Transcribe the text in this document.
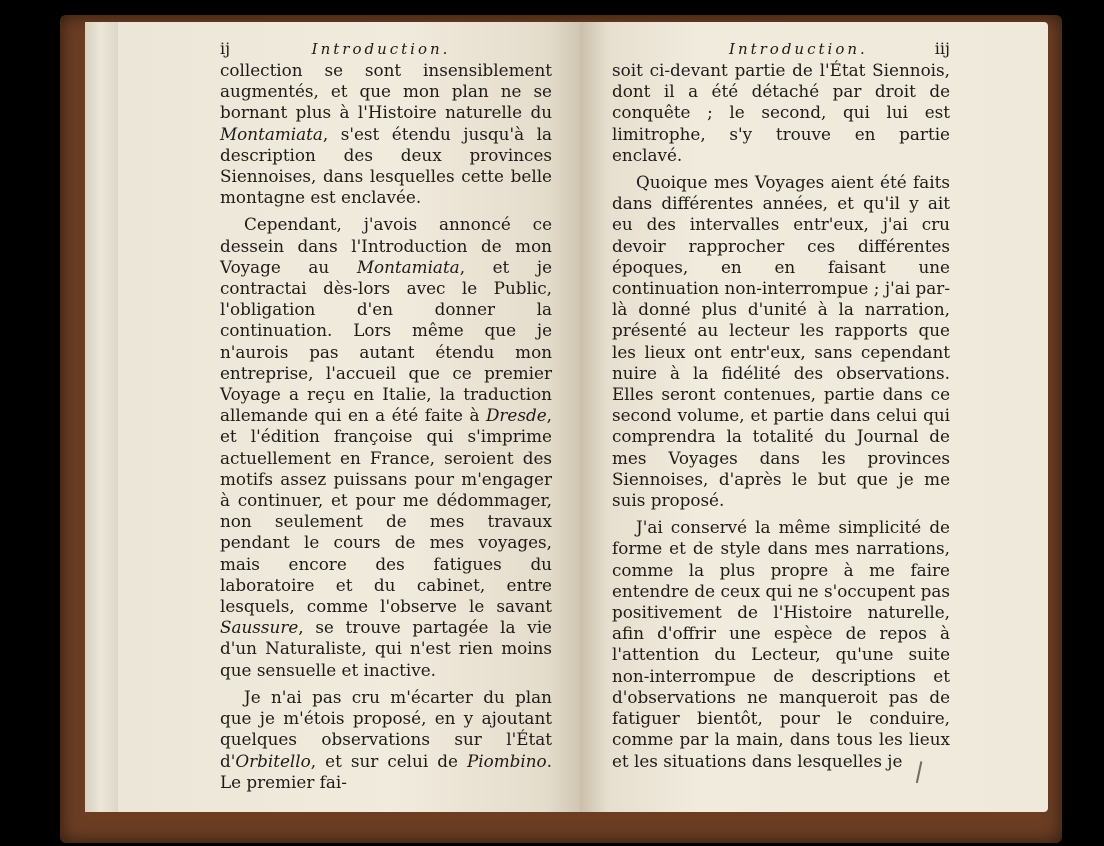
ij	Introduction.

collection se sont insensiblement augmentés, et que mon plan ne se bornant plus à l'Histoire naturelle du Montamiata, s'est étendu jusqu'à la description des deux provinces Siennoises, dans lesquelles cette belle montagne est enclavée.

Cependant, j'avois annoncé ce dessein dans l'Introduction de mon Voyage au Montamiata, et je contractai dès-lors avec le Public, l'obligation d'en donner la continuation. Lors même que je n'aurois pas autant étendu mon entreprise, l'accueil que ce premier Voyage a reçu en Italie, la traduction allemande qui en a été faite à Dresde, et l'édition françoise qui s'imprime actuellement en France, seroient des motifs assez puissans pour m'engager à continuer, et pour me dédommager, non seulement de mes travaux pendant le cours de mes voyages, mais encore des fatigues du laboratoire et du cabinet, entre lesquels, comme l'observe le savant Saussure, se trouve partagée la vie d'un Naturaliste, qui n'est rien moins que sensuelle et inactive.

Je n'ai pas cru m'écarter du plan que je m'étois proposé, en y ajoutant quelques observations sur l'État d'Orbitello, et sur celui de Piombino. Le premier fai-

Introduction.	iij

soit ci-devant partie de l'État Siennois, dont il a été détaché par droit de conquête ; le second, qui lui est limitrophe, s'y trouve en partie enclavé.

Quoique mes Voyages aient été faits dans différentes années, et qu'il y ait eu des intervalles entr'eux, j'ai cru devoir rapprocher ces différentes époques, en en faisant une continuation non-interrompue ; j'ai par-là donné plus d'unité à la narration, présenté au lecteur les rapports que les lieux ont entr'eux, sans cependant nuire à la fidélité des observations. Elles seront contenues, partie dans ce second volume, et partie dans celui qui comprendra la totalité du Journal de mes Voyages dans les provinces Siennoises, d'après le but que je me suis proposé.

J'ai conservé la même simplicité de forme et de style dans mes narrations, comme la plus propre à me faire entendre de ceux qui ne s'occupent pas positivement de l'Histoire naturelle, afin d'offrir une espèce de repos à l'attention du Lecteur, qu'une suite non-interrompue de descriptions et d'observations ne manqueroit pas de fatiguer bientôt, pour le conduire, comme par la main, dans tous les lieux et les situations dans lesquelles je
